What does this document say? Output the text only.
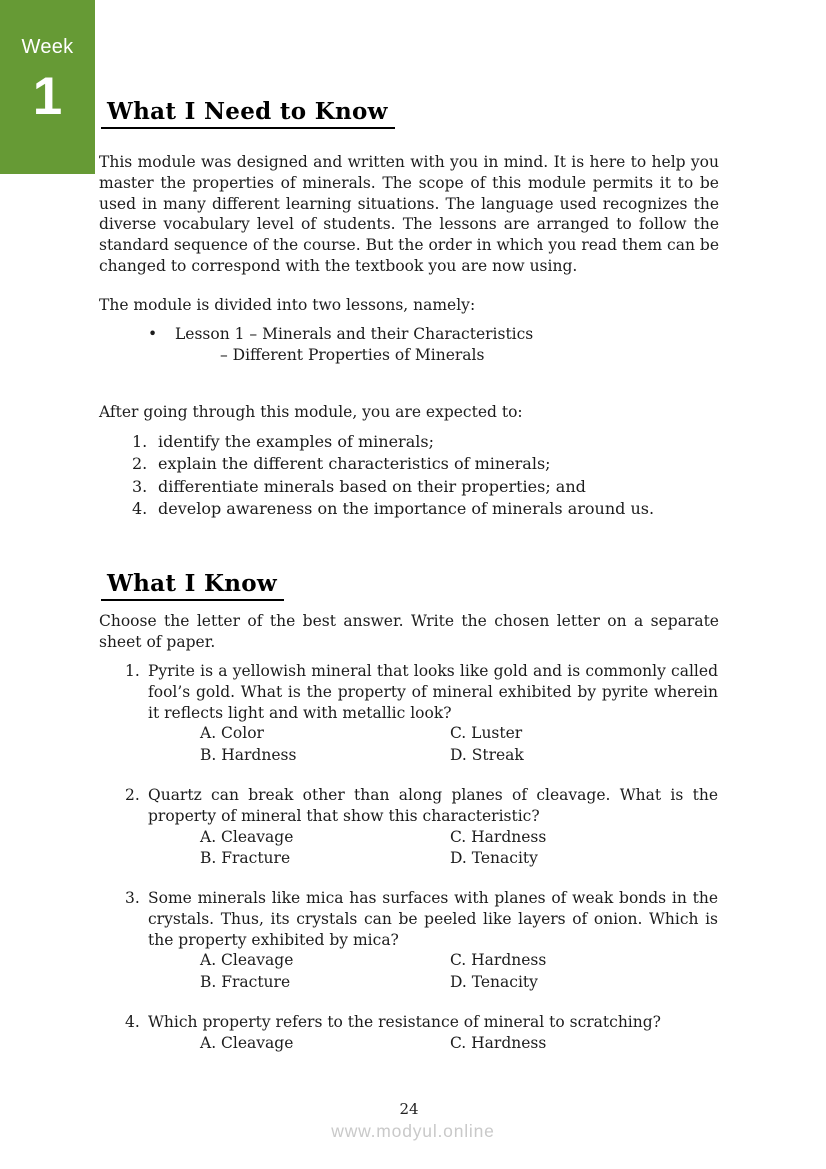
Week
1	What I Need to Know
This module was designed and written with you in mind. It is here to help you master the properties of minerals. The scope of this module permits it to be used in many different learning situations. The language used recognizes the diverse vocabulary level of students. The lessons are arranged to follow the standard sequence of the course. But the order in which you read them can be changed to correspond with the textbook you are now using.
The module is divided into two lessons, namely:
• Lesson 1 – Minerals and their Characteristics
– Different Properties of Minerals
After going through this module, you are expected to:
1. identify the examples of minerals;
2. explain the different characteristics of minerals;
3. differentiate minerals based on their properties; and
4. develop awareness on the importance of minerals around us.
What I Know
Choose the letter of the best answer. Write the chosen letter on a separate sheet of paper.
1. Pyrite is a yellowish mineral that looks like gold and is commonly called fool’s gold. What is the property of mineral exhibited by pyrite wherein it reflects light and with metallic look?
A. Color	C. Luster
B. Hardness	D. Streak
2. Quartz can break other than along planes of cleavage. What is the property of mineral that show this characteristic?
A. Cleavage	C. Hardness
B. Fracture	D. Tenacity
3. Some minerals like mica has surfaces with planes of weak bonds in the crystals. Thus, its crystals can be peeled like layers of onion. Which is the property exhibited by mica?
A. Cleavage	C. Hardness
B. Fracture	D. Tenacity
4. Which property refers to the resistance of mineral to scratching?
A. Cleavage	C. Hardness
24
www.modyul.online
